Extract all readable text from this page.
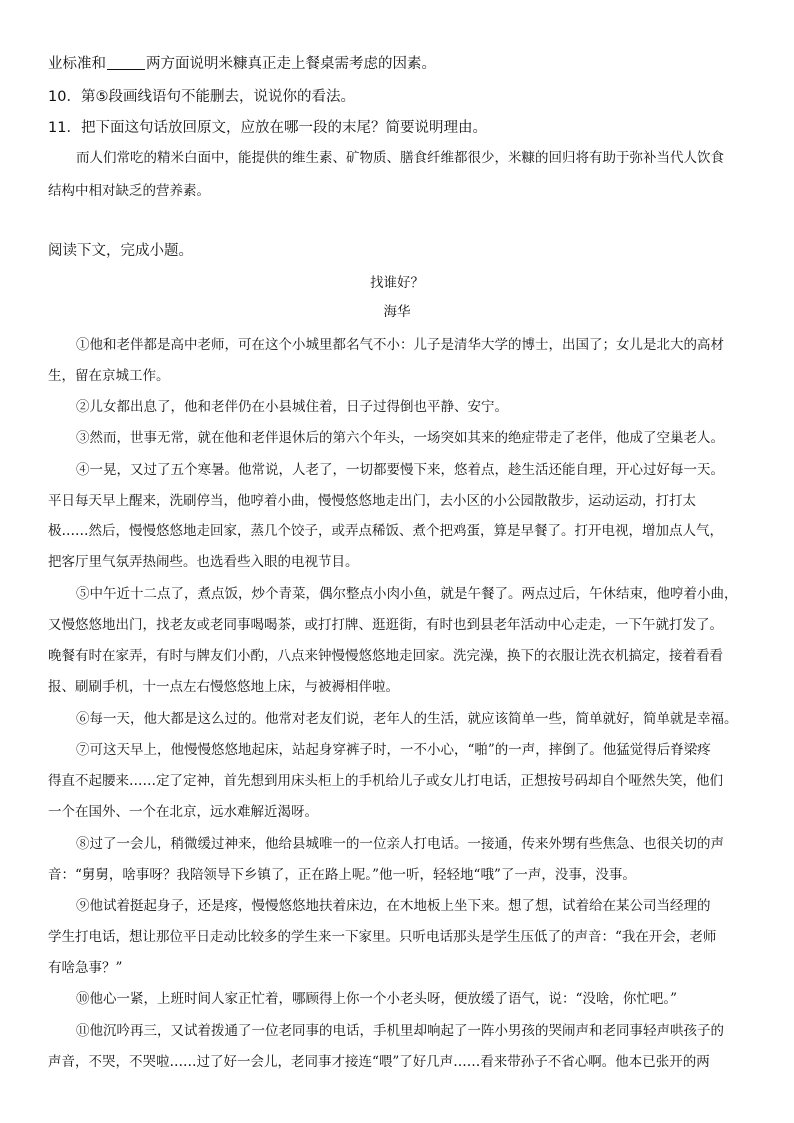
业标准和	两方面说明米糠真正走上餐桌需考虑的因素。
10．第⑤段画线语句不能删去，说说你的看法。
11．把下面这句话放回原文，应放在哪一段的末尾？简要说明理由。
而人们常吃的精米白面中，能提供的维生素、矿物质、膳食纤维都很少，米糠的回归将有助于弥补当代人饮食
结构中相对缺乏的营养素。
阅读下文，完成小题。
找谁好？
海华
①他和老伴都是高中老师，可在这个小城里都名气不小：儿子是清华大学的博士，出国了；女儿是北大的高材
生，留在京城工作。
②儿女都出息了，他和老伴仍在小县城住着，日子过得倒也平静、安宁。
③然而，世事无常，就在他和老伴退休后的第六个年头，一场突如其来的绝症带走了老伴，他成了空巢老人。
④一晃，又过了五个寒暑。他常说，人老了，一切都要慢下来，悠着点，趁生活还能自理，开心过好每一天。
平日每天早上醒来，洗刷停当，他哼着小曲，慢慢悠悠地走出门，去小区的小公园散散步，运动运动，打打太
极……然后，慢慢悠悠地走回家，蒸几个饺子，或弄点稀饭、煮个把鸡蛋，算是早餐了。打开电视，增加点人气，
把客厅里气氛弄热闹些。也选看些入眼的电视节目。
⑤中午近十二点了，煮点饭，炒个青菜，偶尔整点小肉小鱼，就是午餐了。两点过后，午休结束，他哼着小曲，
又慢悠悠地出门，找老友或老同事喝喝茶，或打打牌、逛逛街，有时也到县老年活动中心走走，一下午就打发了。
晚餐有时在家弄，有时与牌友们小酌，八点来钟慢慢悠悠地走回家。洗完澡，换下的衣服让洗衣机搞定，接着看看
报、刷刷手机，十一点左右慢悠悠地上床，与被褥相伴啦。
⑥每一天，他大都是这么过的。他常对老友们说，老年人的生活，就应该简单一些，简单就好，简单就是幸福。
⑦可这天早上，他慢慢悠悠地起床，站起身穿裤子时，一不小心，“啪”的一声，摔倒了。他猛觉得后脊梁疼
得直不起腰来……定了定神，首先想到用床头柜上的手机给儿子或女儿打电话，正想按号码却自个哑然失笑，他们
一个在国外、一个在北京，远水难解近渴呀。
⑧过了一会儿，稍微缓过神来，他给县城唯一的一位亲人打电话。一接通，传来外甥有些焦急、也很关切的声
音：“舅舅，啥事呀？我陪领导下乡镇了，正在路上呢。”他一听，轻轻地“哦”了一声，没事，没事。
⑨他试着挺起身子，还是疼，慢慢悠悠地扶着床边，在木地板上坐下来。想了想，试着给在某公司当经理的
学生打电话，想让那位平日走动比较多的学生来一下家里。只听电话那头是学生压低了的声音：“我在开会，老师
有啥急事？”
⑩他心一紧，上班时间人家正忙着，哪顾得上你一个小老头呀，便放缓了语气，说：“没啥，你忙吧。”
⑪他沉吟再三，又试着拨通了一位老同事的电话，手机里却响起了一阵小男孩的哭闹声和老同事轻声哄孩子的
声音，不哭，不哭啦……过了好一会儿，老同事才接连“喂”了好几声……看来带孙子不省心啊。他本已张开的两
